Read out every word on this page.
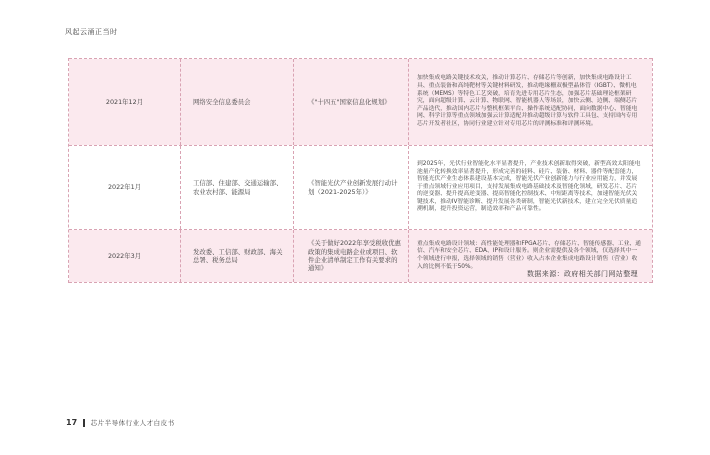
风起云涌正当时
2021年12月	网络安全信息委员会	《"十四五"国家信息化规划》
加快集成电路关键技术攻关，推动计算芯片、存储芯片等创新，加快集成电路设计工具、重点装备和高纯靶材等关键材料研发，推动绝缘栅双极型晶体管（IGBT）、微机电系统（MEMS）等特色工艺突破，培育先进专用芯片生态，加强芯片基础理论框架研究，面向超级计算、云计算、物联网、智能机器人等场景，加快云侧、边侧、端侧芯片产品迭代，推动国内芯片与整机框架平台、操作系统适配协同，面向数据中心、智能电网、科学计算等重点领域加强云计算适配并推动超级计算与软件工具包、支持国内专用芯片开发者社区，协同行业建立针对专用芯片的评测标准和评测环境。
2022年1月
工信部、住建部、交通运输部、农业农村部、能源局
《智能光伏产业创新发展行动计划（2021-2025年）》
到2025年，光伏行业智能化水平显著提升，产业技术创新取得突破，新型高效太阳能电池量产化转换效率显著提升，形成完善的硅料、硅片、装备、材料、器件等配套能力，智能光伏产业生态体系建设基本完成，智能光伏产业创新能力与行业应用能力，并发展于重点领域行业应用项目，支持发展集成电路基础技术及智能化领域，研发芯片、芯片的逆变器、提升提高逆变器、提高智能化控制技术、中短距离等技术，加速智能光伏关键技术，推动IV智能诊断、提升发展各类研制，智能光伏新技术，建立完全光伏质量追溯机制，提升投资运营，制造效率和产品可靠性。
2022年3月
发改委、工信部、财政部、海关总署、税务总局
《关于做好2022年享受税收优惠政策的集成电路企业或项目、软件企业清单制定工作有关要求的通知》
重点集成电路设计领域：高性能处理器和FPGA芯片、存储芯片、智能传感器、工业、通信、汽车和安全芯片、EDA、IP和设计服务。则企业需提供及各个领域，仅选择其中一个领域进行申报，选择领域的销售（营业）收入占本企业集成电路设计销售（营业）收入的比例不低于50%。
数据来源：政府相关部门网站整理
17 芯片半导体行业人才白皮书
